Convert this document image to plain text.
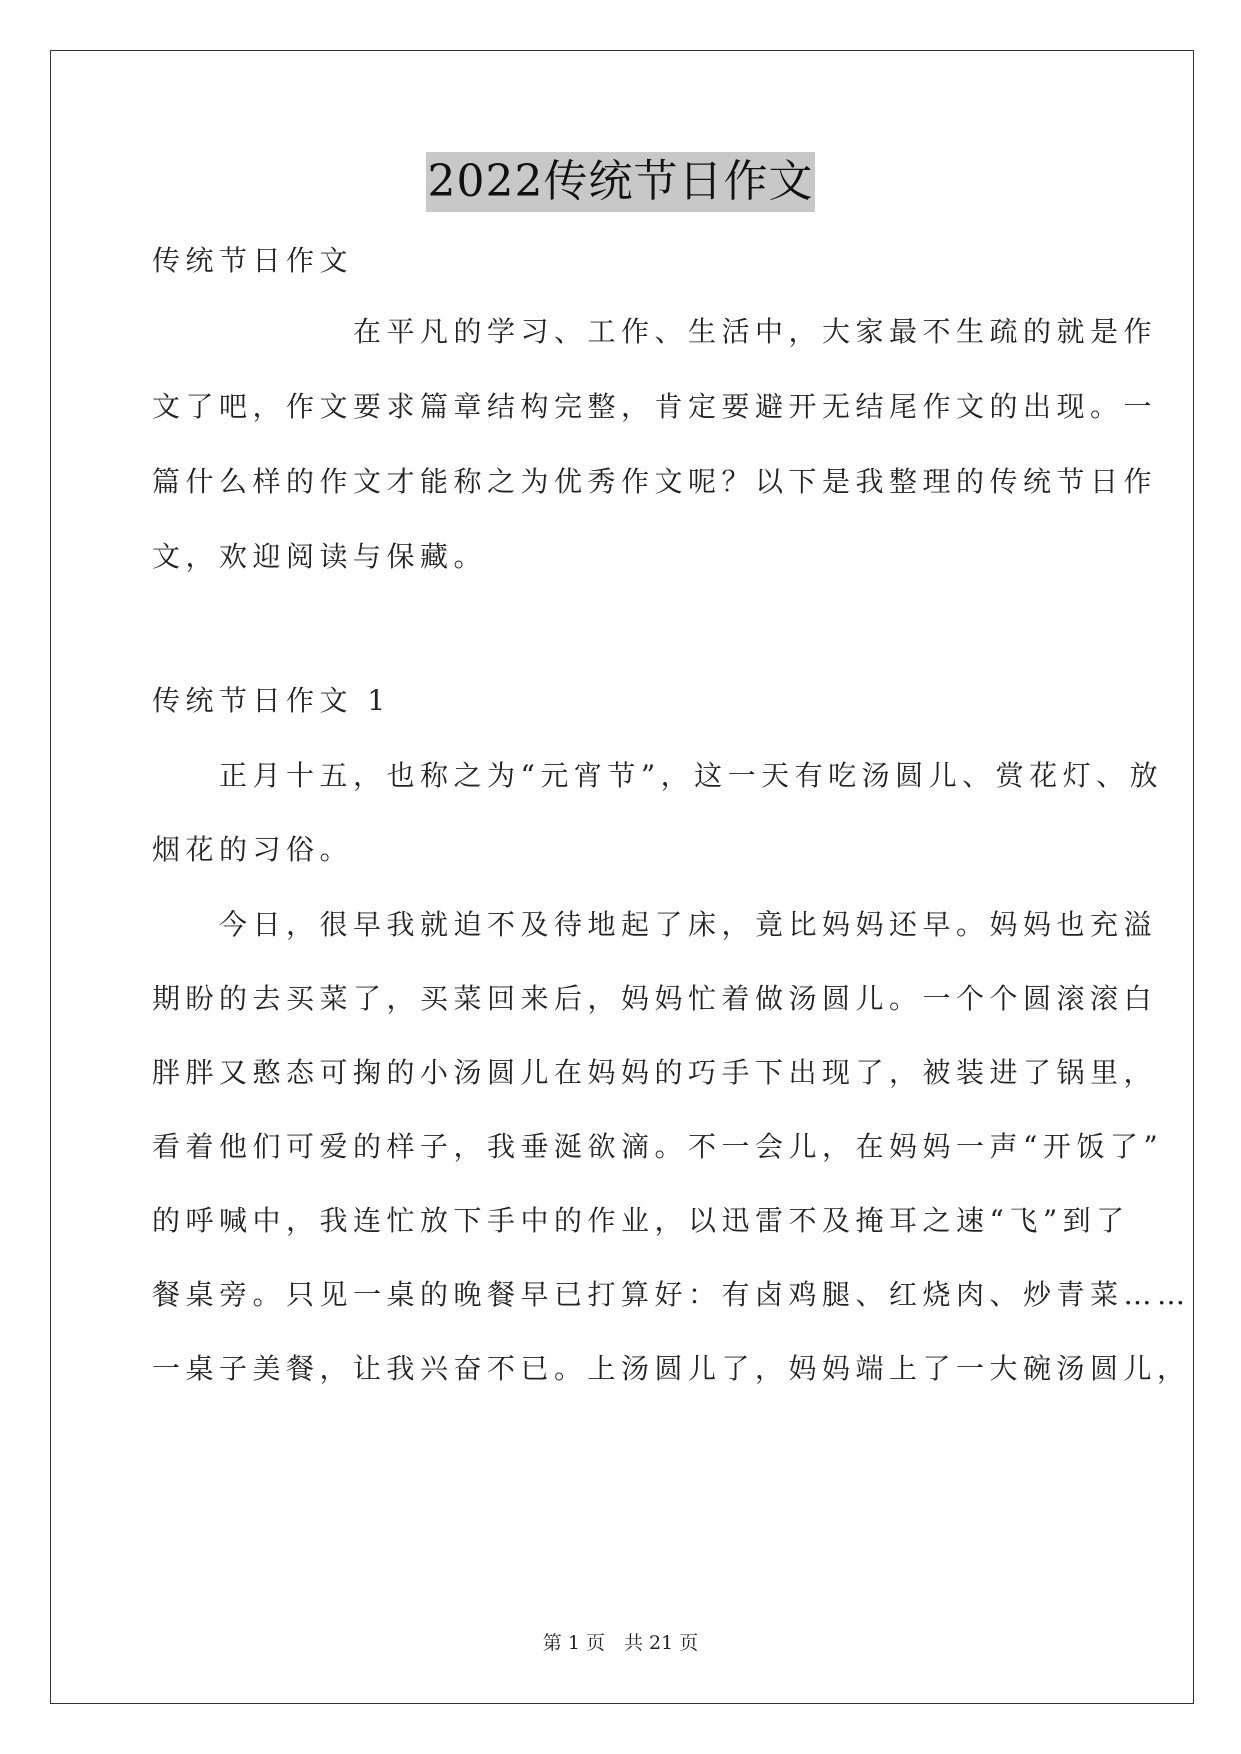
2022传统节日作文
传统节日作文
　　　　　　在平凡的学习、工作、生活中，大家最不生疏的就是作
文了吧，作文要求篇章结构完整，肯定要避开无结尾作文的出现。一
篇什么样的作文才能称之为优秀作文呢？以下是我整理的传统节日作
文，欢迎阅读与保藏。
传统节日作文 1
　　正月十五，也称之为“元宵节”，这一天有吃汤圆儿、赏花灯、放
烟花的习俗。
　　今日，很早我就迫不及待地起了床，竟比妈妈还早。妈妈也充溢
期盼的去买菜了，买菜回来后，妈妈忙着做汤圆儿。一个个圆滚滚白
胖胖又憨态可掬的小汤圆儿在妈妈的巧手下出现了，被装进了锅里，
看着他们可爱的样子，我垂涎欲滴。不一会儿，在妈妈一声“开饭了”
的呼喊中，我连忙放下手中的作业，以迅雷不及掩耳之速“飞”到了
餐桌旁。只见一桌的晚餐早已打算好：有卤鸡腿、红烧肉、炒青菜……
一桌子美餐，让我兴奋不已。上汤圆儿了，妈妈端上了一大碗汤圆儿，
第 1 页　共 21 页
